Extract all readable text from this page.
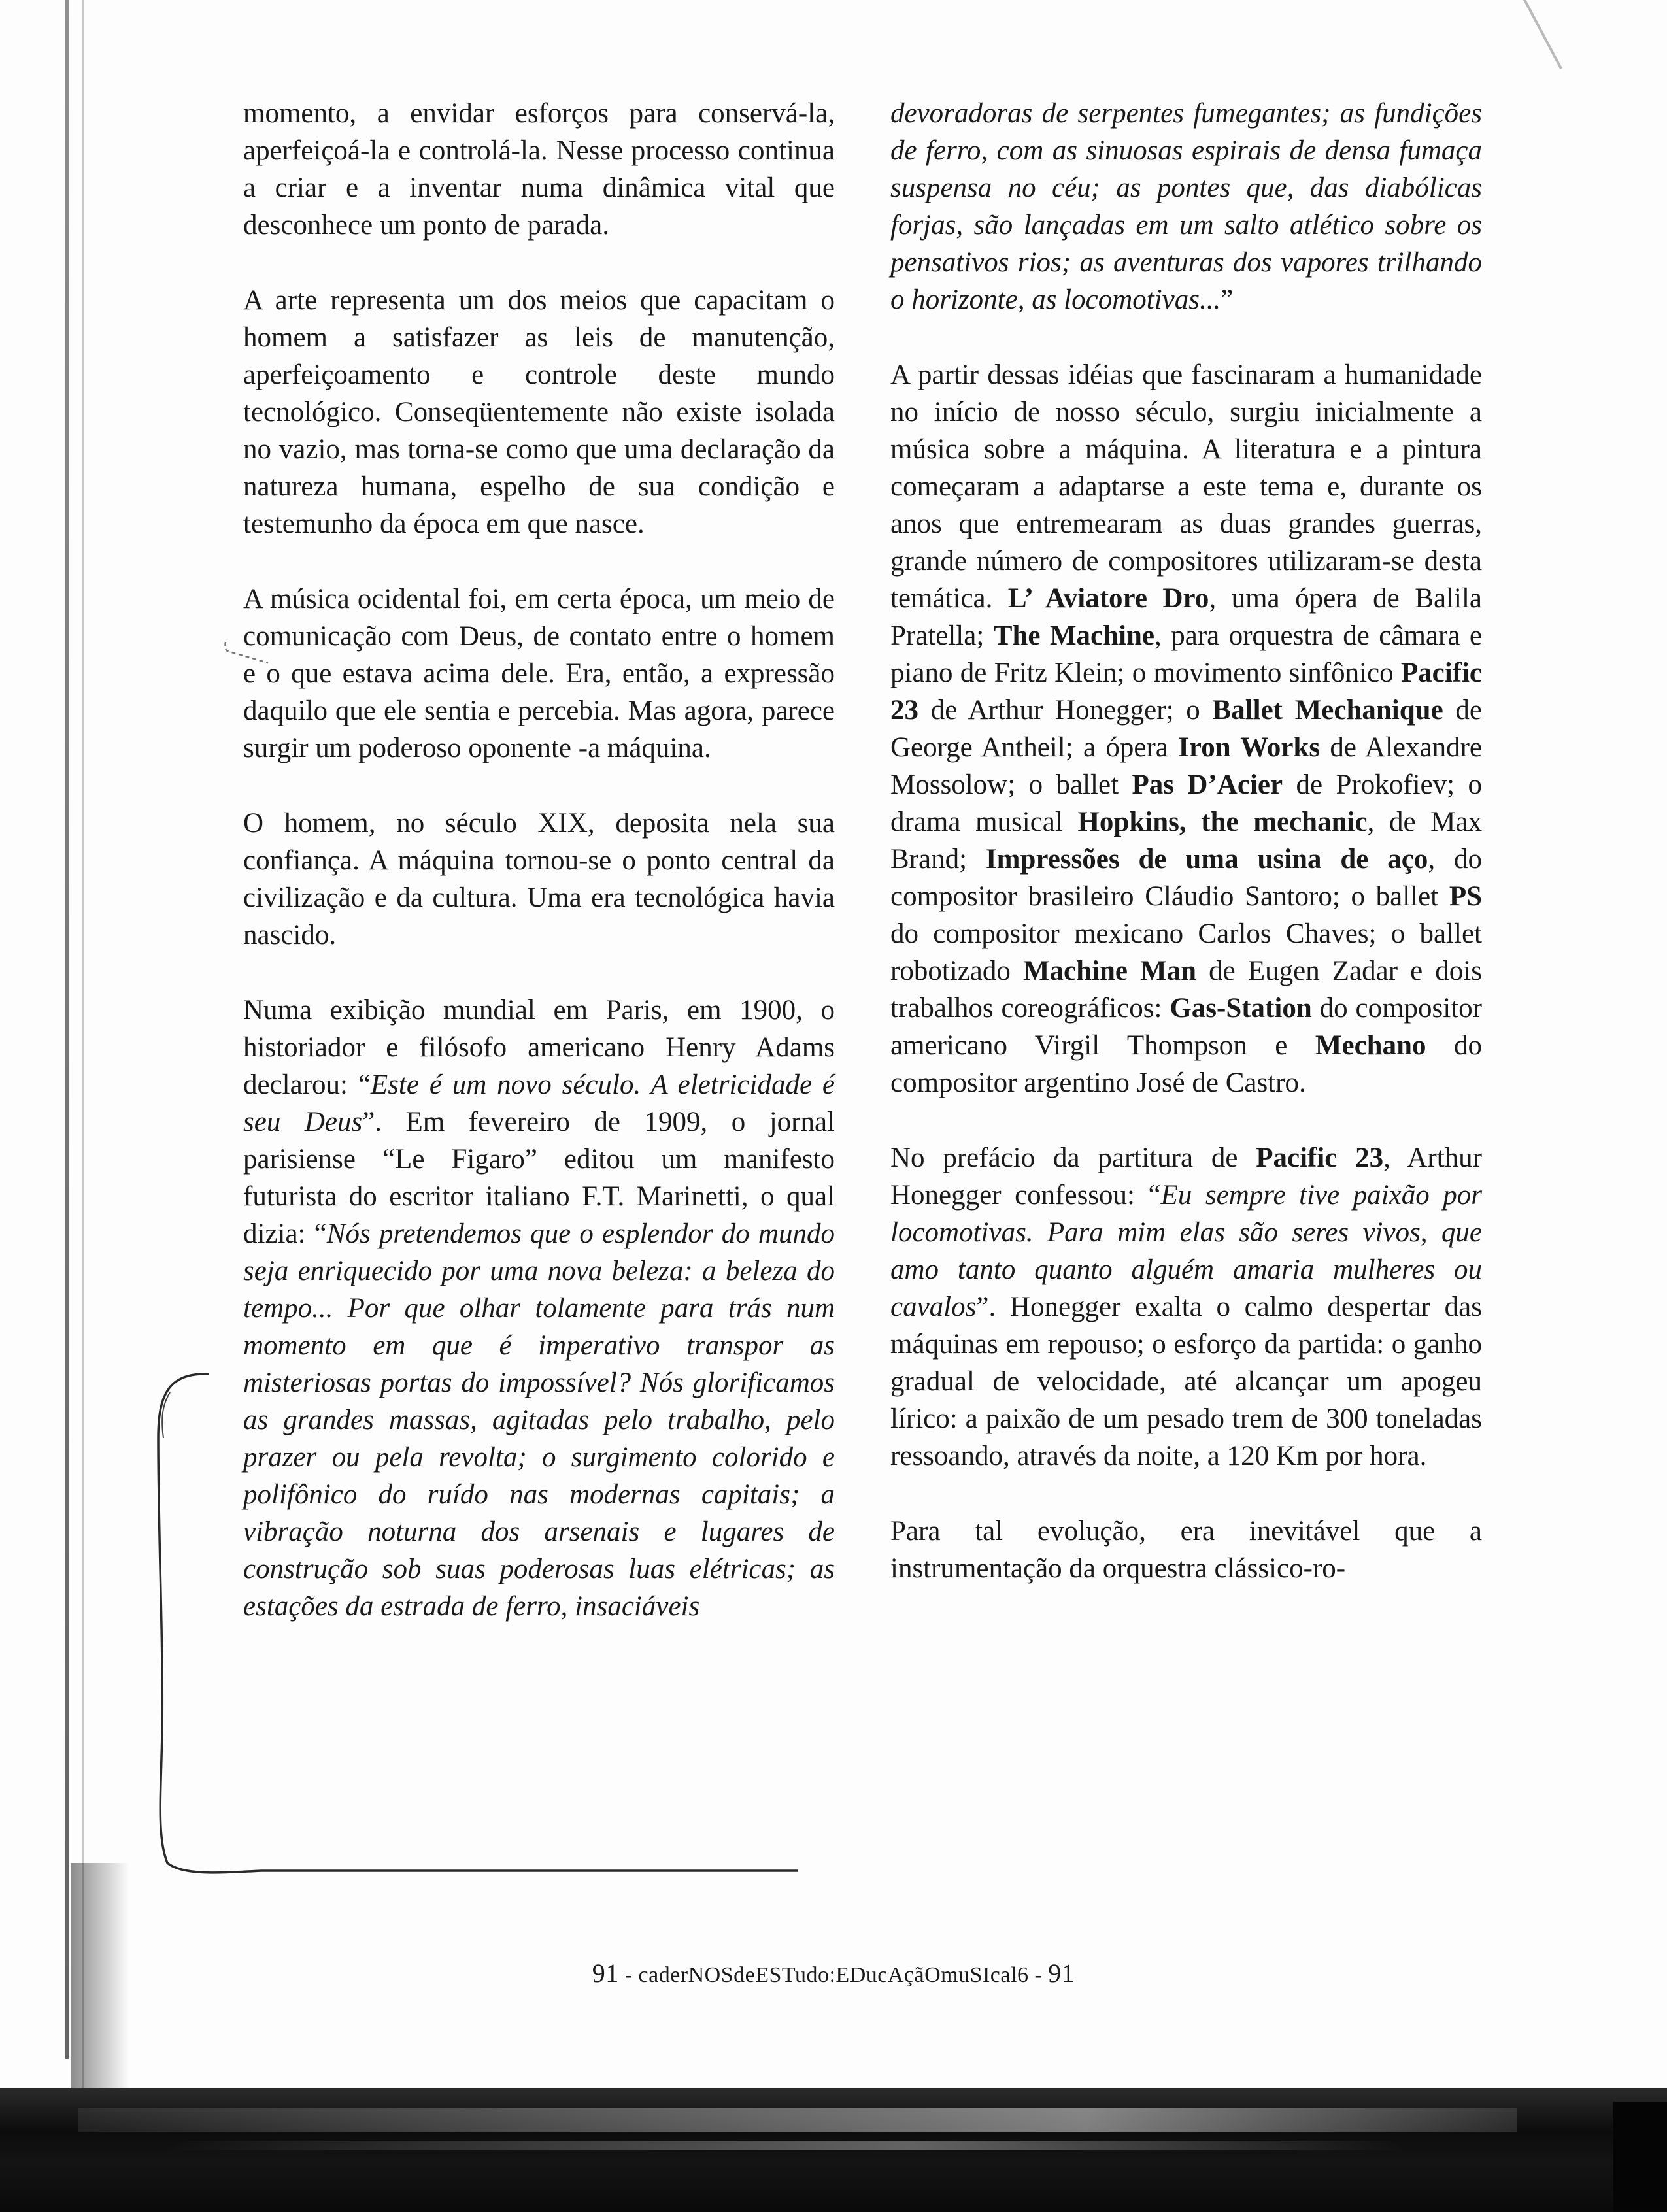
momento, a envidar esforços para conservá-la, aperfeiçoá-la e controlá-la. Nesse processo continua a criar e a inventar numa dinâmica vital que desconhece um ponto de parada.

A arte representa um dos meios que capacitam o homem a satisfazer as leis de manutenção, aperfeiçoamento e controle deste mundo tecnológico. Conseqüentemente não existe isolada no vazio, mas torna-se como que uma declaração da natureza humana, espelho de sua condição e testemunho da época em que nasce.

A música ocidental foi, em certa época, um meio de comunicação com Deus, de contato entre o homem e o que estava acima dele. Era, então, a expressão daquilo que ele sentia e percebia. Mas agora, parece surgir um poderoso oponente -a máquina.

O homem, no século XIX, deposita nela sua confiança. A máquina tornou-se o ponto central da civilização e da cultura. Uma era tecnológica havia nascido.

Numa exibição mundial em Paris, em 1900, o historiador e filósofo americano Henry Adams declarou: “Este é um novo século. A eletricidade é seu Deus”. Em fevereiro de 1909, o jornal parisiense “Le Figaro” editou um manifesto futurista do escritor italiano F.T. Marinetti, o qual dizia: “Nós pretendemos que o esplendor do mundo seja enriquecido por uma nova beleza: a beleza do tempo... Por que olhar tolamente para trás num momento em que é imperativo transpor as misteriosas portas do impossível? Nós glorificamos as grandes massas, agitadas pelo trabalho, pelo prazer ou pela revolta; o surgimento colorido e polifônico do ruído nas modernas capitais; a vibração noturna dos arsenais e lugares de construção sob suas poderosas luas elétricas; as estações da estrada de ferro, insaciáveis

devoradoras de serpentes fumegantes; as fundições de ferro, com as sinuosas espirais de densa fumaça suspensa no céu; as pontes que, das diabólicas forjas, são lançadas em um salto atlético sobre os pensativos rios; as aventuras dos vapores trilhando o horizonte, as locomotivas...”

A partir dessas idéias que fascinaram a humanidade no início de nosso século, surgiu inicialmente a música sobre a máquina. A literatura e a pintura começaram a adaptarse a este tema e, durante os anos que entremearam as duas grandes guerras, grande número de compositores utilizaram-se desta temática. L’ Aviatore Dro, uma ópera de Balila Pratella; The Machine, para orquestra de câmara e piano de Fritz Klein; o movimento sinfônico Pacific 23 de Arthur Honegger; o Ballet Mechanique de George Antheil; a ópera Iron Works de Alexandre Mossolow; o ballet Pas D’Acier de Prokofiev; o drama musical Hopkins, the mechanic, de Max Brand; Impressões de uma usina de aço, do compositor brasileiro Cláudio Santoro; o ballet PS do compositor mexicano Carlos Chaves; o ballet robotizado Machine Man de Eugen Zadar e dois trabalhos coreográficos: Gas-Station do compositor americano Virgil Thompson e Mechano do compositor argentino José de Castro.

No prefácio da partitura de Pacific 23, Arthur Honegger confessou: “Eu sempre tive paixão por locomotivas. Para mim elas são seres vivos, que amo tanto quanto alguém amaria mulheres ou cavalos”. Honegger exalta o calmo despertar das máquinas em repouso; o esforço da partida: o ganho gradual de velocidade, até alcançar um apogeu lírico: a paixão de um pesado trem de 300 toneladas ressoando, através da noite, a 120 Km por hora.

Para tal evolução, era inevitável que a instrumentação da orquestra clássico-ro-

91 - caderNOSdeESTudo:EDucAçãOmuSIcal6 - 91
